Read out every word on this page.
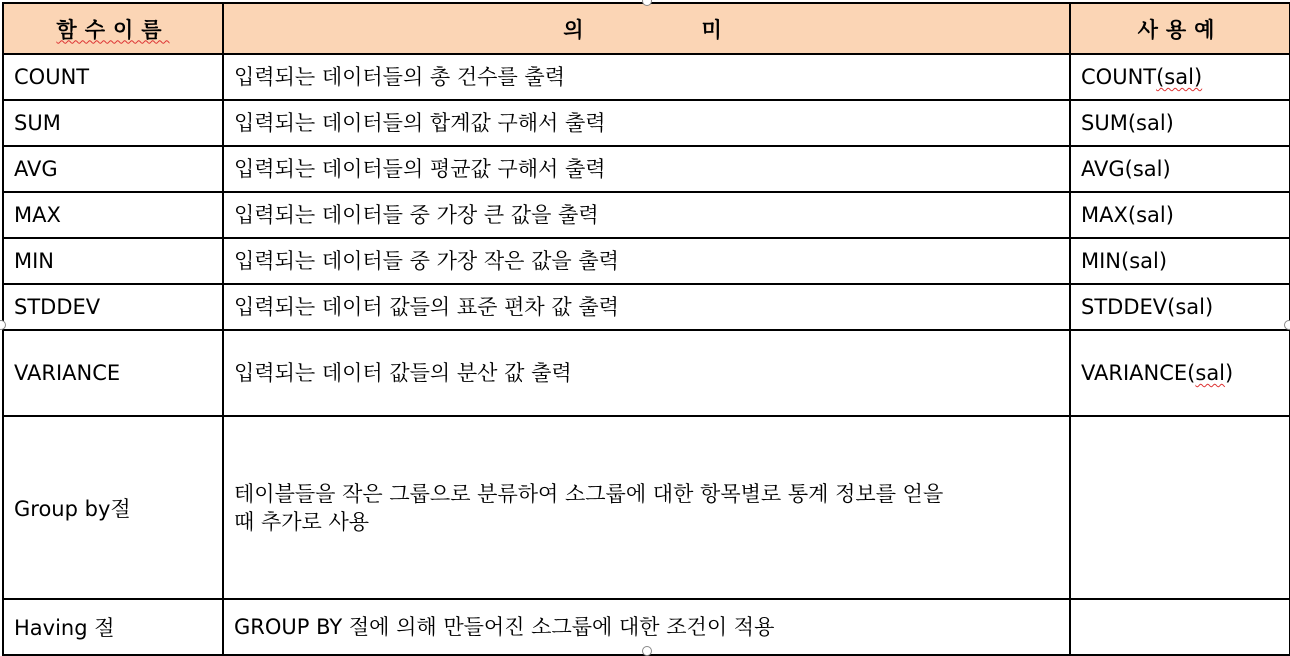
함수이름	의 미	사용예
COUNT	입력되는 데이터들의 총 건수를 출력	COUNT(sal)
SUM	입력되는 데이터들의 합계값 구해서 출력	SUM(sal)
AVG	입력되는 데이터들의 평균값 구해서 출력	AVG(sal)
MAX	입력되는 데이터들 중 가장 큰 값을 출력	MAX(sal)
MIN	입력되는 데이터들 중 가장 작은 값을 출력	MIN(sal)
STDDEV	입력되는 데이터 값들의 표준 편차 값 출력	STDDEV(sal)
VARIANCE	입력되는 데이터 값들의 분산 값 출력	VARIANCE(sal)
Group by절	테이블들을 작은 그룹으로 분류하여 소그룹에 대한 항목별로 통계 정보를 얻을
때 추가로 사용	

Having 절	GROUP BY 절에 의해 만들어진 소그룹에 대한 조건이 적용	
